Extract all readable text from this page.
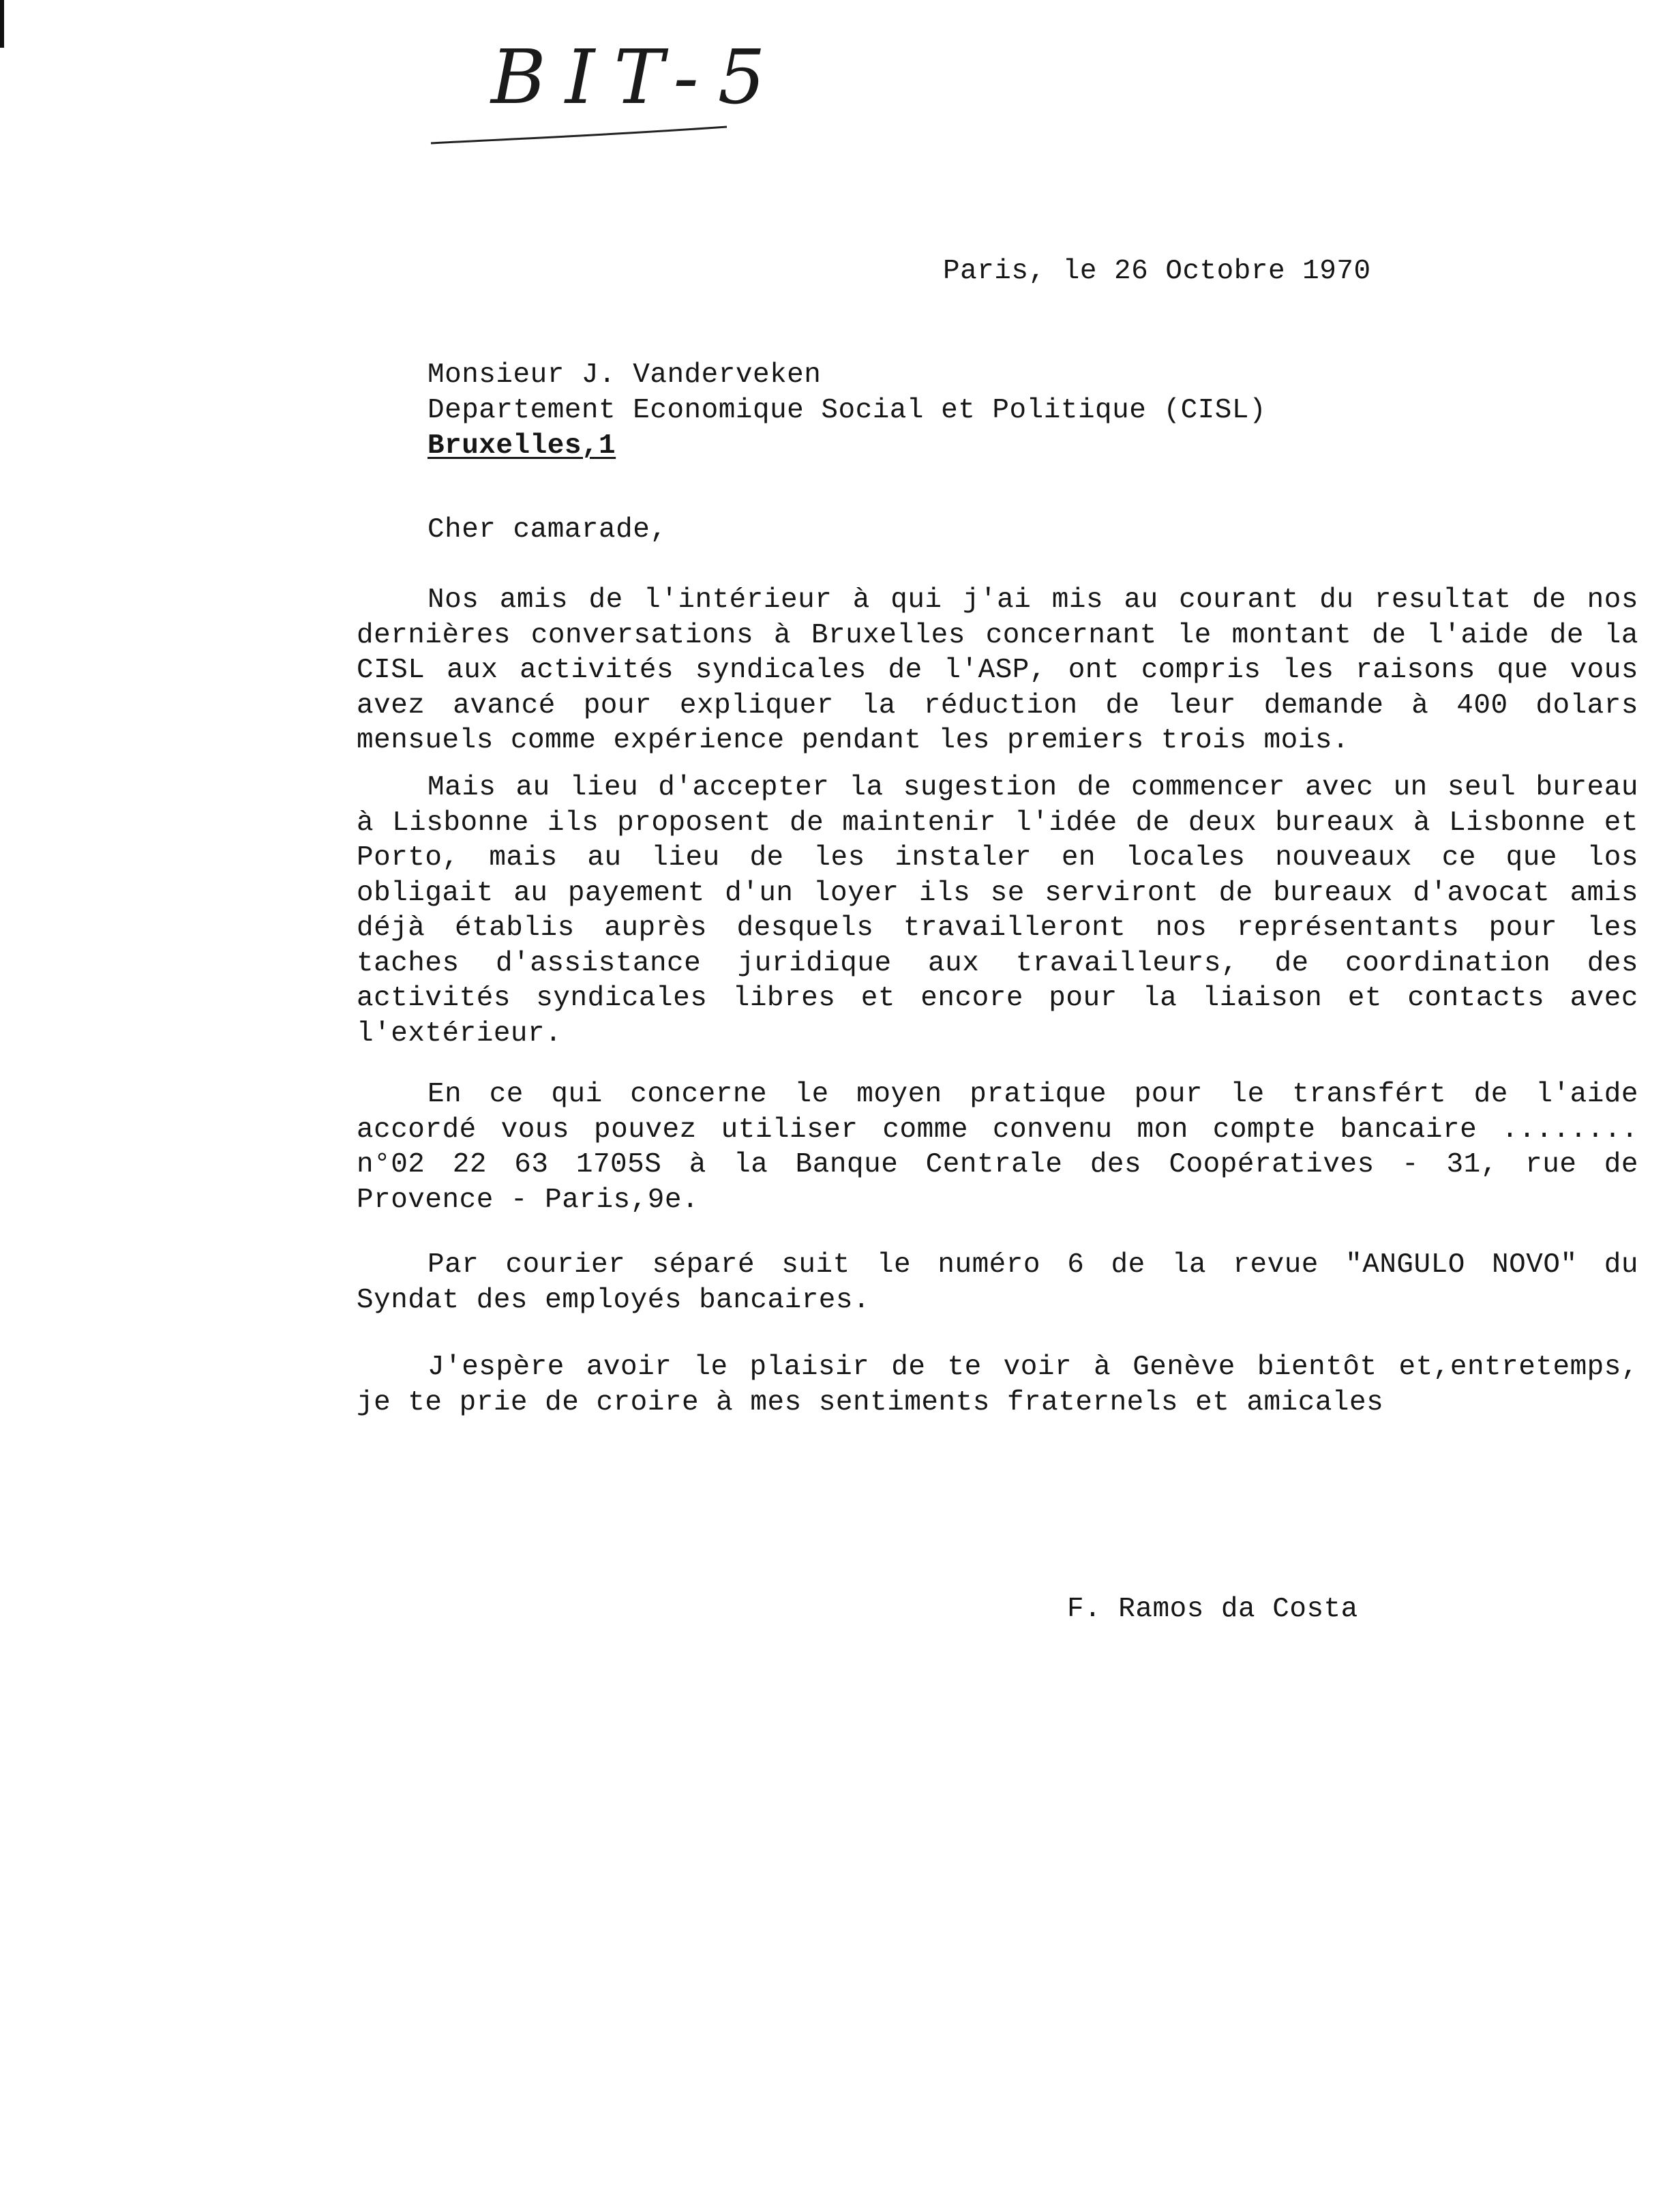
BIT-5
Paris, le 26 Octobre 1970
Monsieur J. Vanderveken
Departement Economique Social et Politique (CISL)
Bruxelles,1
Cher camarade,
Nos amis de l'intérieur à qui j'ai mis au courant du resultat de nos dernières conversations à Bruxelles concernant le montant de l'aide de la CISL aux activités syndicales de l'ASP, ont compris les raisons que vous avez avancé pour expliquer la réduction de leur demande à 400 dolars mensuels comme expérience pendant les premiers trois mois.
Mais au lieu d'accepter la sugestion de commencer avec un seul bureau à Lisbonne ils proposent de maintenir l'idée de deux bureaux à Lisbonne et Porto, mais au lieu de les instaler en locales nouveaux ce que los obligait au payement d'un loyer ils se serviront de bureaux d'avocat amis déjà établis auprès desquels travailleront nos représentants pour les taches d'assistance juridique aux travailleurs, de coordination des activités syndicales libres et encore pour la liaison et contacts avec l'extérieur.
En ce qui concerne le moyen pratique pour le transfért de l'aide accordé vous pouvez utiliser comme convenu mon compte bancaire ........ n°02 22 63 1705S à la Banque Centrale des Coopératives - 31, rue de Provence - Paris,9e.
Par courier séparé suit le numéro 6 de la revue "ANGULO NOVO" du Syndat des employés bancaires.
J'espère avoir le plaisir de te voir à Genève bientôt et,entretemps, je te prie de croire à mes sentiments fraternels et amicales
F. Ramos da Costa
